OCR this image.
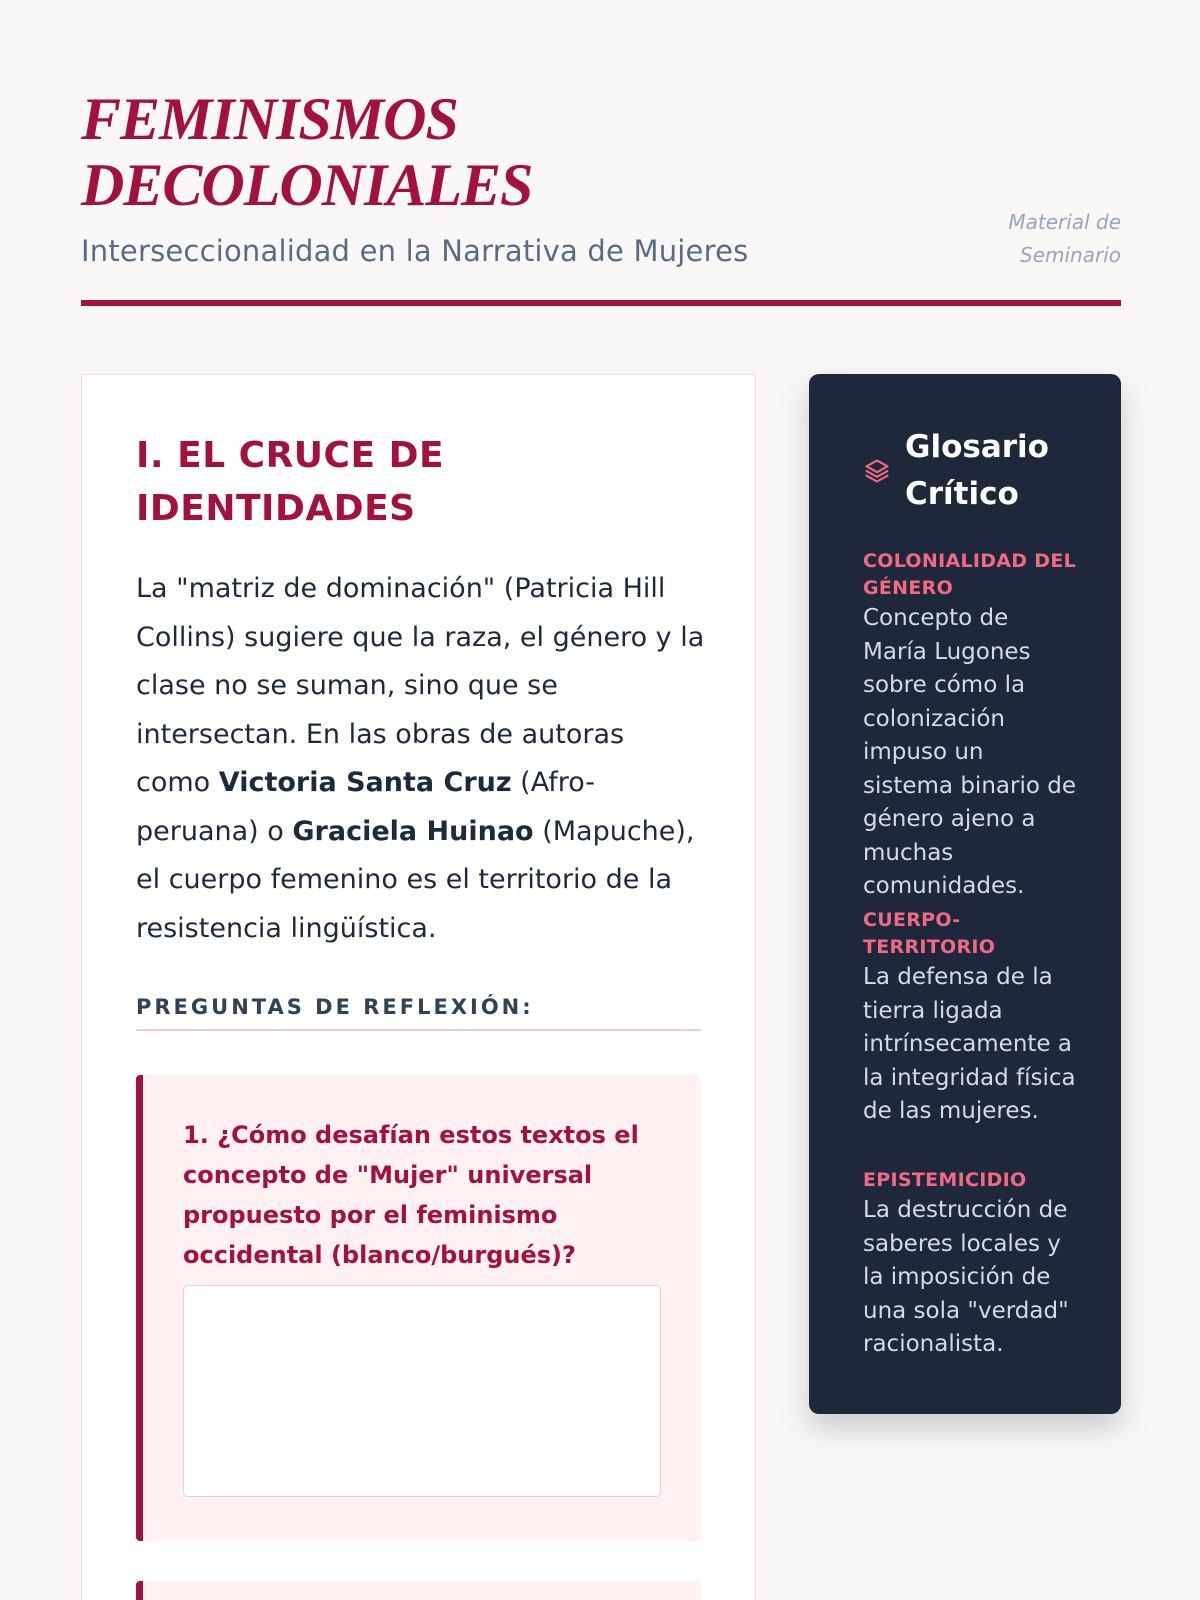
FEMINISMOS DECOLONIALES
Interseccionalidad en la Narrativa de Mujeres
Material de Seminario
I. EL CRUCE DE IDENTIDADES

La "matriz de dominación" (Patricia Hill Collins) sugiere que la raza, el género y la clase no se suman, sino que se intersectan. En las obras de autoras como Victoria Santa Cruz (Afro-peruana) o Graciela Huinao (Mapuche), el cuerpo femenino es el territorio de la resistencia lingüística.

PREGUNTAS DE REFLEXIÓN:
1. ¿Cómo desafían estos textos el concepto de "Mujer" universal propuesto por el feminismo occidental (blanco/burgués)?
Glosario Crítico
COLONIALIDAD DEL GÉNERO
Concepto de María Lugones sobre cómo la colonización impuso un sistema binario de género ajeno a muchas comunidades.
CUERPO-TERRITORIO
La defensa de la tierra ligada intrínsecamente a la integridad física de las mujeres.
EPISTEMICIDIO
La destrucción de saberes locales y la imposición de una sola "verdad" racionalista.
